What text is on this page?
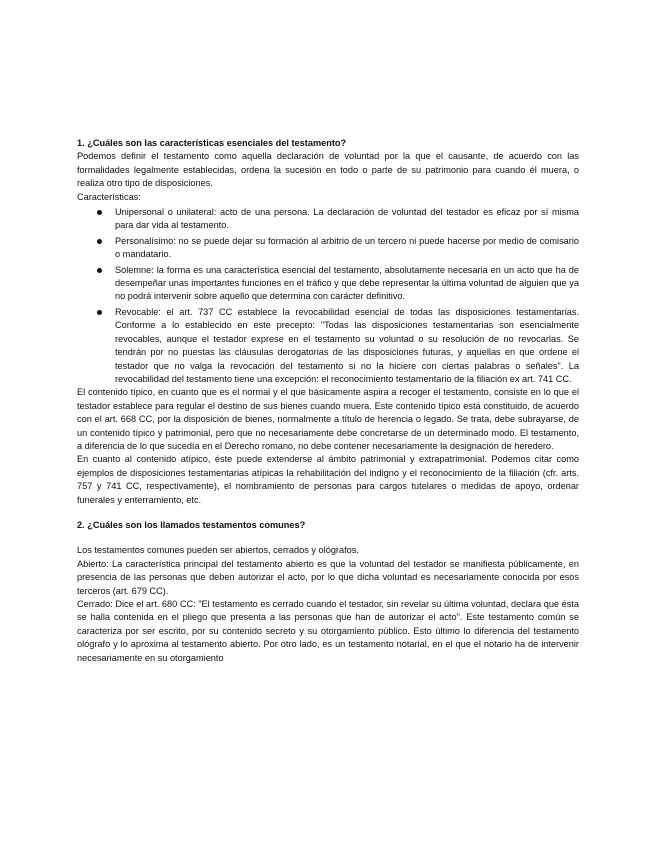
1. ¿Cuáles son las características esenciales del testamento?

Podemos definir el testamento como aquella declaración de voluntad por la que el causante, de acuerdo con las formalidades legalmente establecidas, ordena la sucesión en todo o parte de su patrimonio para cuando él muera, o realiza otro tipo de disposiciones.

Características:

Unipersonal o unilateral: acto de una persona. La declaración de voluntad del testador es eficaz por sí misma para dar vida al testamento.
Personalísimo: no se puede dejar su formación al arbitrio de un tercero ni puede hacerse por medio de comisario o mandatario.
Solemne: la forma es una característica esencial del testamento, absolutamente necesaria en un acto que ha de desempeñar unas importantes funciones en el tráfico y que debe representar la última voluntad de alguien que ya no podrá intervenir sobre aquello que determina con carácter definitivo.
Revocable: el art. 737 CC establece la revocabilidad esencial de todas las disposiciones testamentarias. Conforme a lo establecido en este precepto: "Todas las disposiciones testamentarias son esencialmente revocables, aunque el testador exprese en el testamento su voluntad o su resolución de no revocarlas. Se tendrán por no puestas las cláusulas derogatorias de las disposiciones futuras, y aquellas en que ordene el testador que no valga la revocación del testamento si no la hiciere con ciertas palabras o señales". La revocabilidad del testamento tiene una excepción: el reconocimiento testamentario de la filiación ex art. 741 CC.

El contenido típico, en cuanto que es el normal y el que básicamente aspira a recoger el testamento, consiste en lo que el testador establece para regular el destino de sus bienes cuando muera. Este contenido típico está constituido, de acuerdo con el art. 668 CC, por la disposición de bienes, normalmente a título de herencia o legado. Se trata, debe subrayarse, de un contenido típico y patrimonial, pero que no necesariamente debe concretarse de un determinado modo. El testamento, a diferencia de lo que sucedía en el Derecho romano, no debe contener necesariamente la designación de heredero.

En cuanto al contenido atípico, éste puede extenderse al ámbito patrimonial y extrapatrimonial. Podemos citar como ejemplos de disposiciones testamentarias atípicas la rehabilitación del indigno y el reconocimiento de la filiación (cfr. arts. 757 y 741 CC, respectivamente), el nombramiento de personas para cargos tutelares o medidas de apoyo, ordenar funerales y enterramiento, etc.

2. ¿Cuáles son los llamados testamentos comunes?

Los testamentos comunes pueden ser abiertos, cerrados y ológrafos.

Abierto: La característica principal del testamento abierto es que la voluntad del testador se manifiesta públicamente, en presencia de las personas que deben autorizar el acto, por lo que dicha voluntad es necesariamente conocida por esos terceros (art. 679 CC).

Cerrado: Dice el art. 680 CC: "El testamento es cerrado cuando el testador, sin revelar su última voluntad, declara que ésta se halla contenida en el pliego que presenta a las personas que han de autorizar el acto". Este testamento común se caracteriza por ser escrito, por su contenido secreto y su otorgamiento público. Esto último lo diferencia del testamento ológrafo y lo aproxima al testamento abierto. Por otro lado, es un testamento notarial, en el que el notario ha de intervenir necesariamente en su otorgamiento
